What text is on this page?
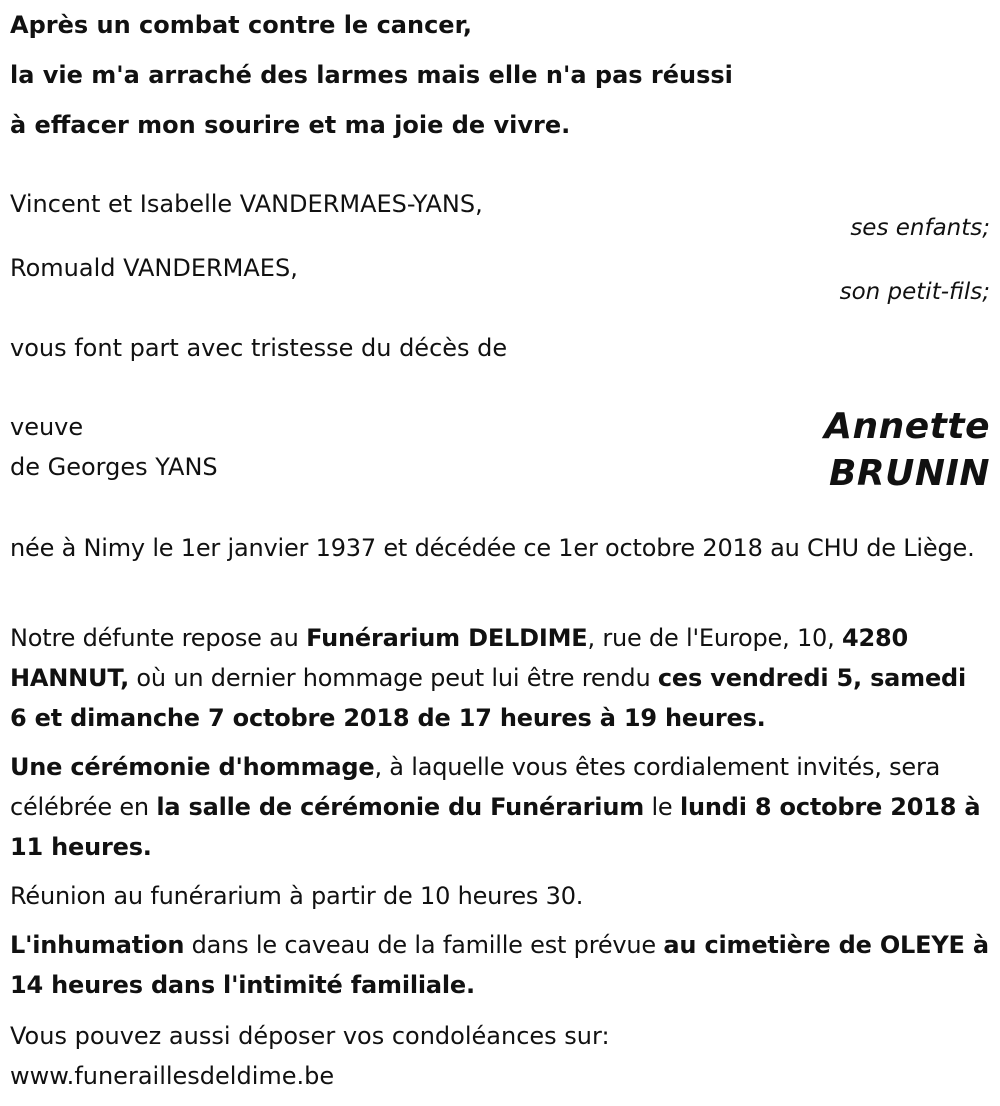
Après un combat contre le cancer,
la vie m'a arraché des larmes mais elle n'a pas réussi
à effacer mon sourire et ma joie de vivre.
Vincent et Isabelle VANDERMAES-YANS,
ses enfants;
Romuald VANDERMAES,
son petit-fils;
vous font part avec tristesse du décès de
veuve
de Georges YANS
Annette
BRUNIN
née à Nimy le 1er janvier 1937 et décédée ce 1er octobre 2018 au CHU de Liège.
Notre défunte repose au Funérarium DELDIME, rue de l'Europe, 10, 4280 HANNUT, où un dernier hommage peut lui être rendu ces vendredi 5, samedi 6 et dimanche 7 octobre 2018 de 17 heures à 19 heures.
Une cérémonie d'hommage, à laquelle vous êtes cordialement invités, sera célébrée en la salle de cérémonie du Funérarium le lundi 8 octobre 2018 à 11 heures.
Réunion au funérarium à partir de 10 heures 30.
L'inhumation dans le caveau de la famille est prévue au cimetière de OLEYE à 14 heures dans l'intimité familiale.
Vous pouvez aussi déposer vos condoléances sur:
www.funeraillesdeldime.be
